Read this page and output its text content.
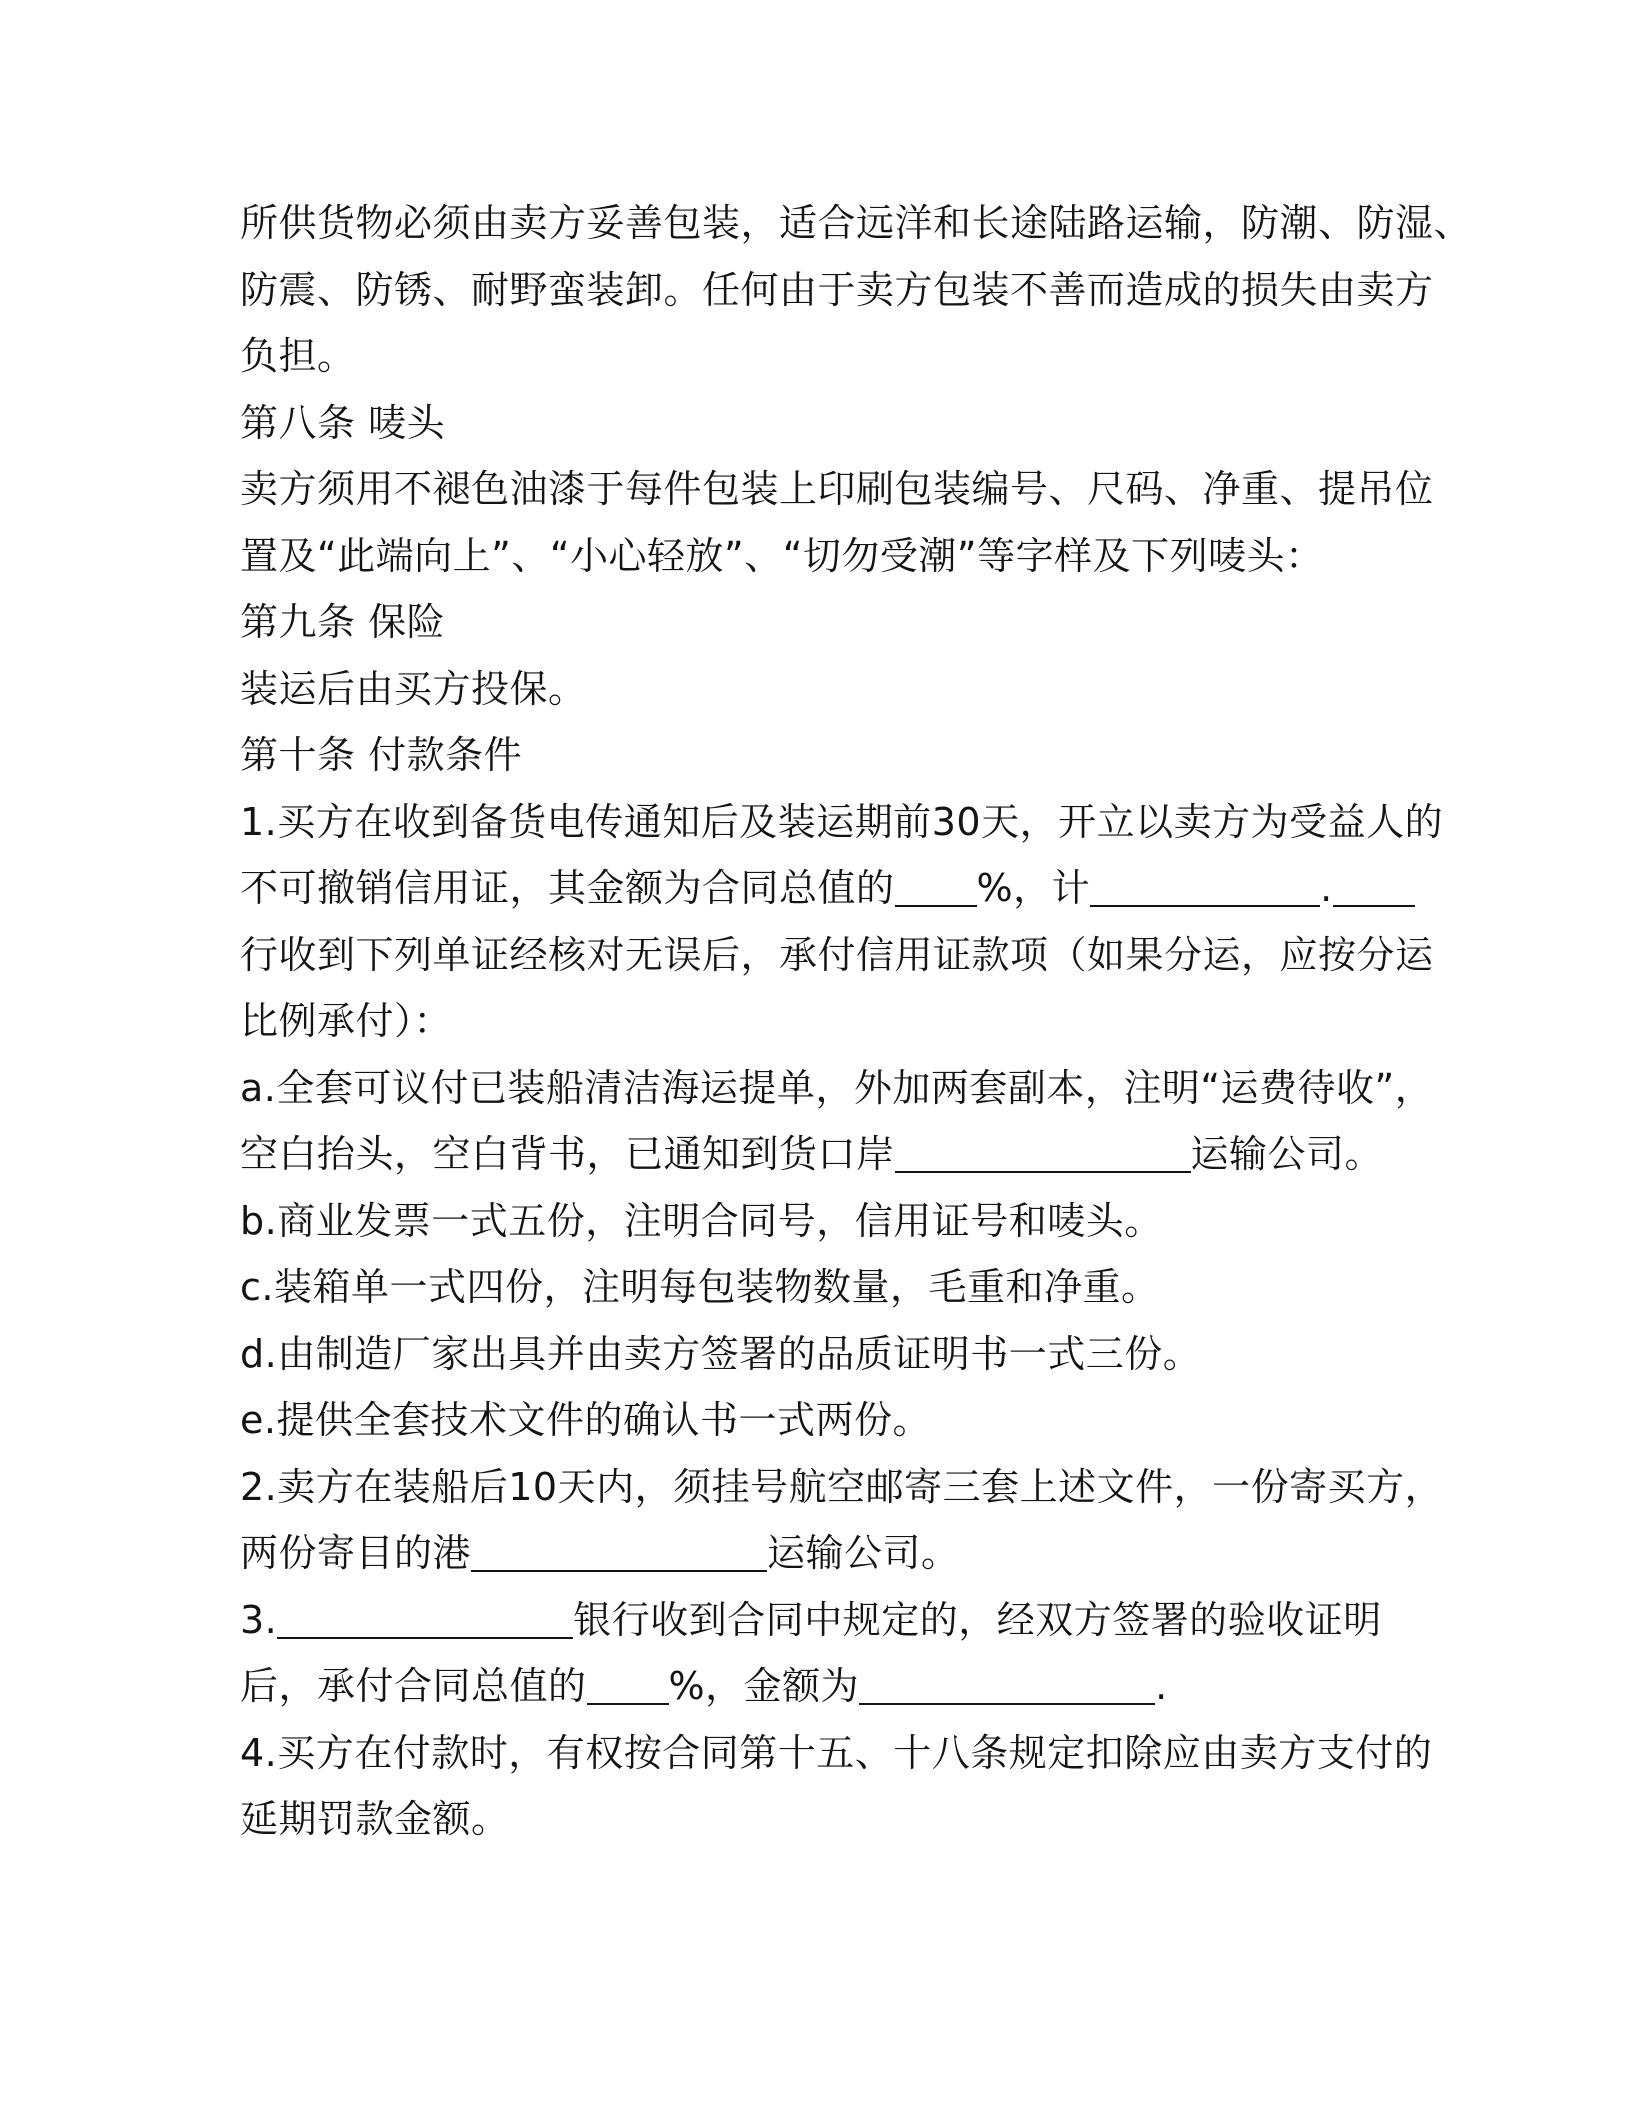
所供货物必须由卖方妥善包装，适合远洋和长途陆路运输，防潮、防湿、
防震、防锈、耐野蛮装卸。任何由于卖方包装不善而造成的损失由卖方
负担。
第八条 唛头
卖方须用不褪色油漆于每件包装上印刷包装编号、尺码、净重、提吊位
置及“此端向上”、“小心轻放”、“切勿受潮”等字样及下列唛头：
第九条 保险
装运后由买方投保。
第十条 付款条件
1.买方在收到备货电传通知后及装运期前30天，开立以卖方为受益人的
不可撤销信用证，其金额为合同总值的 %，计	.
行收到下列单证经核对无误后，承付信用证款项（如果分运，应按分运
比例承付）：
a.全套可议付已装船清洁海运提单，外加两套副本，注明“运费待收”，
空白抬头，空白背书，已通知到货口岸	运输公司。
b.商业发票一式五份，注明合同号，信用证号和唛头。
c.装箱单一式四份，注明每包装物数量，毛重和净重。
d.由制造厂家出具并由卖方签署的品质证明书一式三份。
e.提供全套技术文件的确认书一式两份。
2.卖方在装船后10天内，须挂号航空邮寄三套上述文件，一份寄买方，
两份寄目的港	运输公司。
3.	银行收到合同中规定的，经双方签署的验收证明
后，承付合同总值的 %，金额为	.
4.买方在付款时，有权按合同第十五、十八条规定扣除应由卖方支付的
延期罚款金额。
